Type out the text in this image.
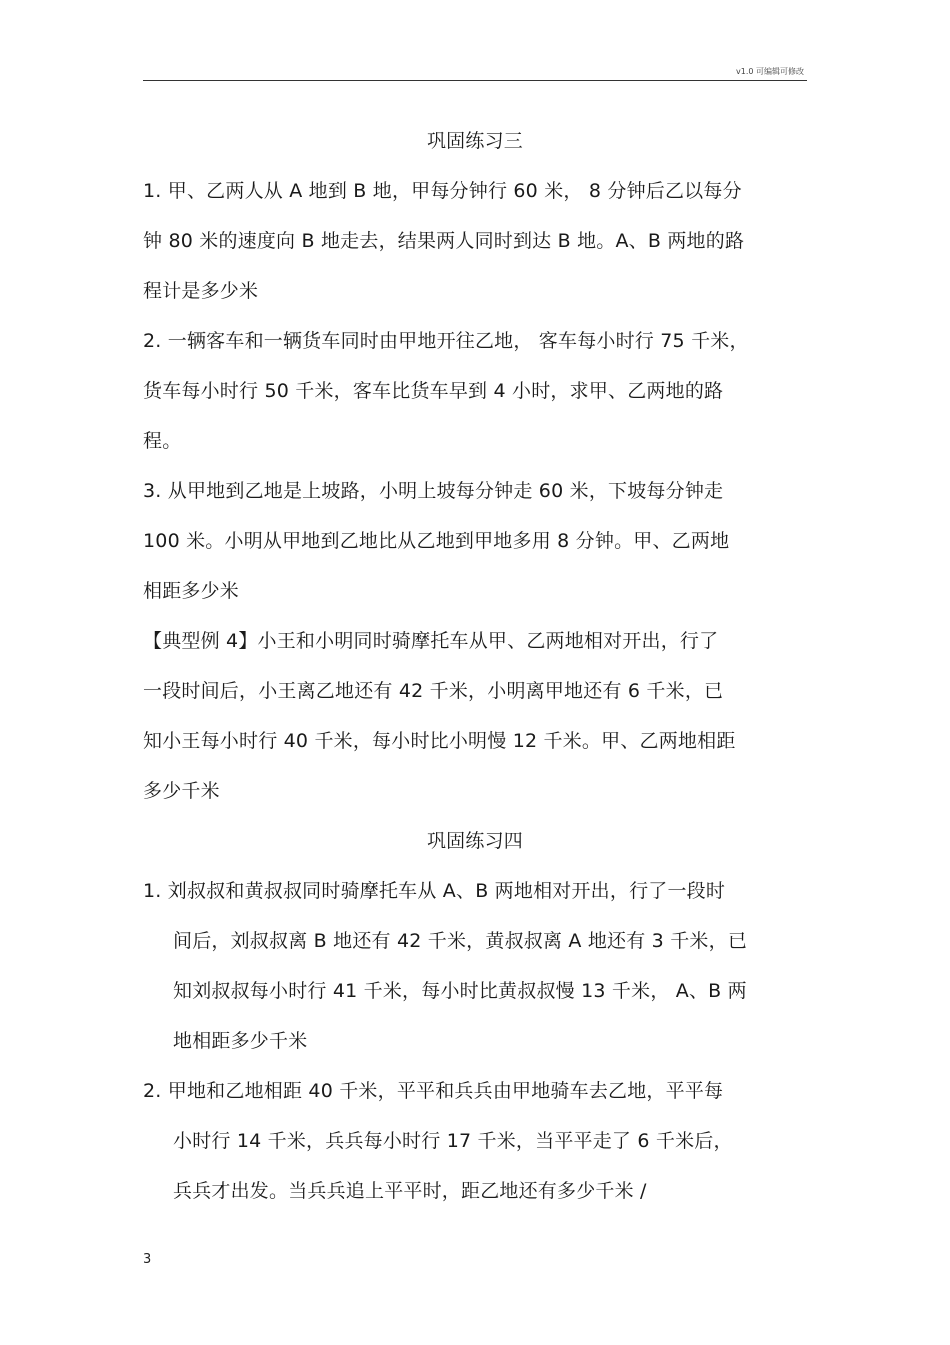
v1.0 可编辑可修改
巩固练习三
1. 甲、乙两人从 A 地到 B 地，甲每分钟行 60 米， 8 分钟后乙以每分
钟 80 米的速度向 B 地走去，结果两人同时到达 B 地。A、B 两地的路
程计是多少米
2. 一辆客车和一辆货车同时由甲地开往乙地， 客车每小时行 75 千米，
货车每小时行 50 千米，客车比货车早到 4 小时，求甲、乙两地的路
程。
3. 从甲地到乙地是上坡路，小明上坡每分钟走 60 米，下坡每分钟走
100 米。小明从甲地到乙地比从乙地到甲地多用 8 分钟。甲、乙两地
相距多少米
【典型例 4】小王和小明同时骑摩托车从甲、乙两地相对开出，行了
一段时间后，小王离乙地还有 42 千米，小明离甲地还有 6 千米，已
知小王每小时行 40 千米，每小时比小明慢 12 千米。甲、乙两地相距
多少千米
巩固练习四
1. 刘叔叔和黄叔叔同时骑摩托车从 A、B 两地相对开出，行了一段时
间后，刘叔叔离 B 地还有 42 千米，黄叔叔离 A 地还有 3 千米，已
知刘叔叔每小时行 41 千米，每小时比黄叔叔慢 13 千米， A、B 两
地相距多少千米
2. 甲地和乙地相距 40 千米，平平和兵兵由甲地骑车去乙地，平平每
小时行 14 千米，兵兵每小时行 17 千米，当平平走了 6 千米后，
兵兵才出发。当兵兵追上平平时，距乙地还有多少千米 /
3
